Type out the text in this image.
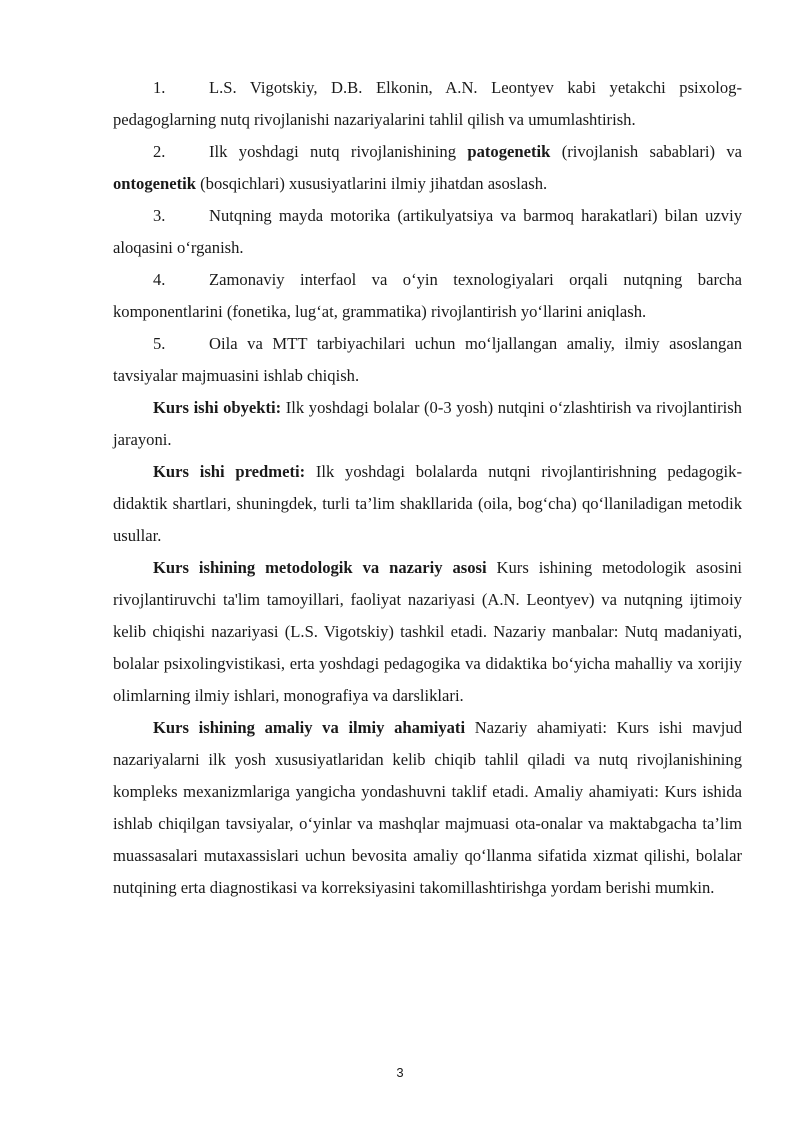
1.	L.S. Vigotskiy, D.B. Elkonin, A.N. Leontyev kabi yetakchi psixolog-pedagoglarning nutq rivojlanishi nazariyalarini tahlil qilish va umumlashtirish.

2.	Ilk yoshdagi nutq rivojlanishining patogenetik (rivojlanish sabablari) va ontogenetik (bosqichlari) xususiyatlarini ilmiy jihatdan asoslash.

3.	Nutqning mayda motorika (artikulyatsiya va barmoq harakatlari) bilan uzviy aloqasini o‘rganish.

4.	Zamonaviy interfaol va o‘yin texnologiyalari orqali nutqning barcha komponentlarini (fonetika, lug‘at, grammatika) rivojlantirish yo‘llarini aniqlash.

5.	Oila va MTT tarbiyachilari uchun mo‘ljallangan amaliy, ilmiy asoslangan tavsiyalar majmuasini ishlab chiqish.

Kurs ishi obyekti: Ilk yoshdagi bolalar (0-3 yosh) nutqini o‘zlashtirish va rivojlantirish jarayoni.

Kurs ishi predmeti: Ilk yoshdagi bolalarda nutqni rivojlantirishning pedagogik-didaktik shartlari, shuningdek, turli ta’lim shakllarida (oila, bog‘cha) qo‘llaniladigan metodik usullar.

Kurs ishining metodologik va nazariy asosi Kurs ishining metodologik asosini rivojlantiruvchi ta'lim tamoyillari, faoliyat nazariyasi (A.N. Leontyev) va nutqning ijtimoiy kelib chiqishi nazariyasi (L.S. Vigotskiy) tashkil etadi. Nazariy manbalar: Nutq madaniyati, bolalar psixolingvistikasi, erta yoshdagi pedagogika va didaktika bo‘yicha mahalliy va xorijiy olimlarning ilmiy ishlari, monografiya va darsliklari.

Kurs ishining amaliy va ilmiy ahamiyati Nazariy ahamiyati: Kurs ishi mavjud nazariyalarni ilk yosh xususiyatlaridan kelib chiqib tahlil qiladi va nutq rivojlanishining kompleks mexanizmlariga yangicha yondashuvni taklif etadi. Amaliy ahamiyati: Kurs ishida ishlab chiqilgan tavsiyalar, o‘yinlar va mashqlar majmuasi ota-onalar va maktabgacha ta’lim muassasalari mutaxassislari uchun bevosita amaliy qo‘llanma sifatida xizmat qilishi, bolalar nutqining erta diagnostikasi va korreksiyasini takomillashtirishga yordam berishi mumkin.

3
